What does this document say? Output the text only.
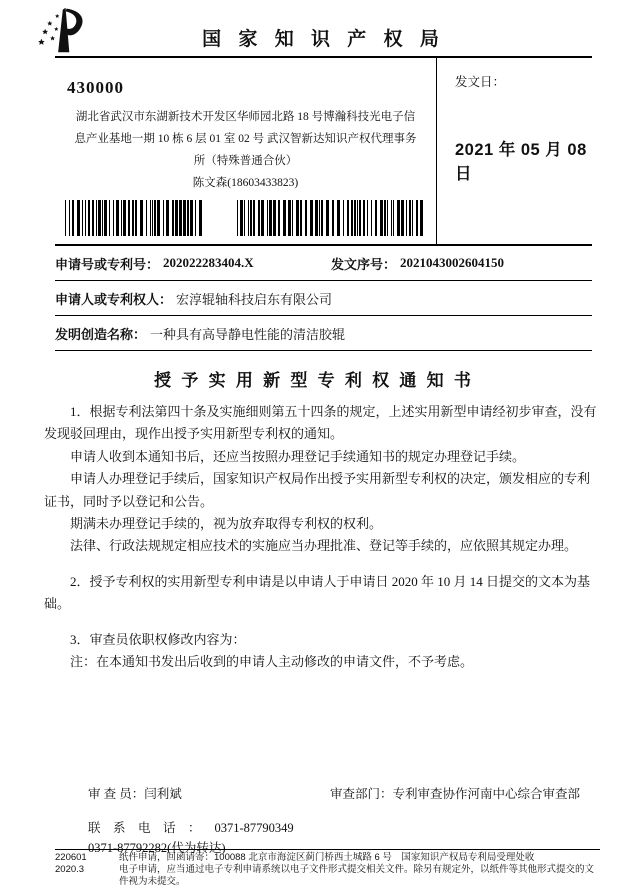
国 家 知 识 产 权 局
430000
湖北省武汉市东湖新技术开发区华师园北路 18 号博瀚科技光电子信
息产业基地一期 10 栋 6 层 01 室 02 号 武汉智新达知识产权代理事务
所（特殊普通合伙）
陈文森(18603433823)
发文日：
2021 年 05 月 08 日
申请号或专利号： 202022283404.X	发文序号： 2021043002604150
申请人或专利权人： 宏淳辊轴科技启东有限公司
发明创造名称： 一种具有高导静电性能的清洁胶辊
授 予 实 用 新 型 专 利 权 通 知 书

1．根据专利法第四十条及实施细则第五十四条的规定，上述实用新型申请经初步审查，没有发现驳回理由，现作出授予实用新型专利权的通知。

申请人收到本通知书后，还应当按照办理登记手续通知书的规定办理登记手续。

申请人办理登记手续后，国家知识产权局作出授予实用新型专利权的决定，颁发相应的专利证书，同时予以登记和公告。

期满未办理登记手续的，视为放弃取得专利权的权利。

法律、行政法规规定相应技术的实施应当办理批准、登记等手续的，应依照其规定办理。

2．授予专利权的实用新型专利申请是以申请人于申请日 2020 年 10 月 14 日提交的文本为基础。

3．审查员依职权修改内容为：

注：在本通知书发出后收到的申请人主动修改的申请文件，不予考虑。

审 查 员：闫利斌	审查部门：专利审查协作河南中心综合审查部
联　系　电　话　： 0371-87790349
0371-87792282(代为转达)
220601
2020.3
纸件申请，回函请寄：100088 北京市海淀区蓟门桥西土城路 6 号　国家知识产权局专利局受理处收
电子申请，应当通过电子专利申请系统以电子文件形式提交相关文件。除另有规定外，以纸件等其他形式提交的文件视为未提交。
